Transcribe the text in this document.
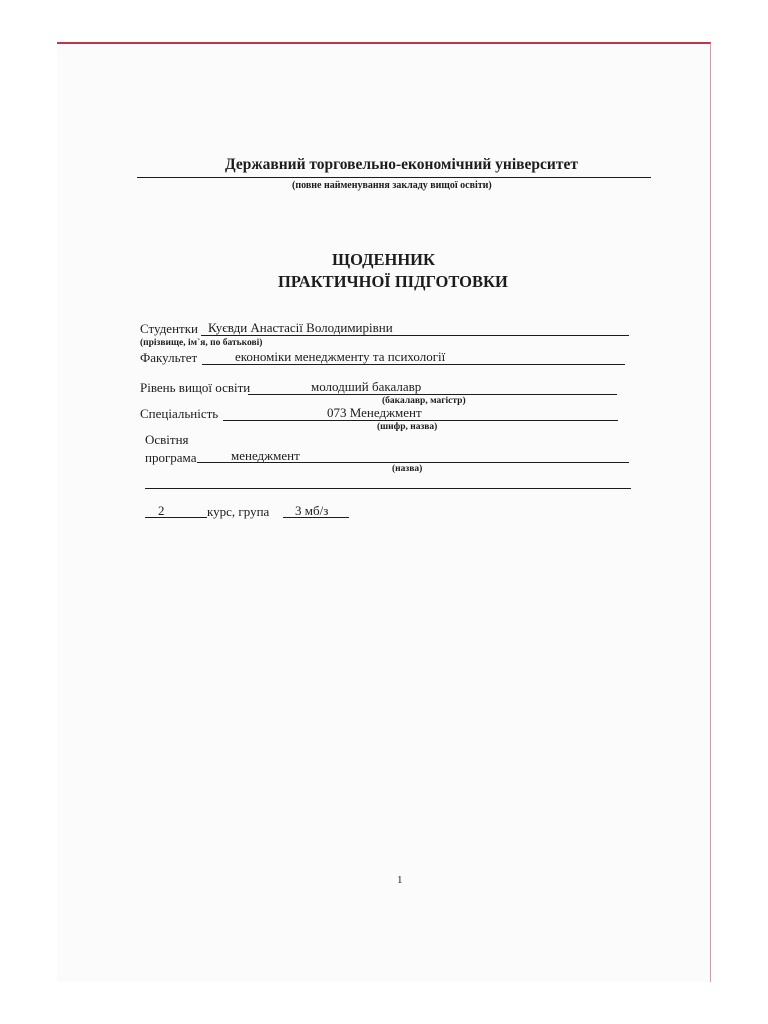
Державний торговельно-економічний університет
(повне найменування закладу вищої освіти)
ЩОДЕННИК
ПРАКТИЧНОЇ ПІДГОТОВКИ
Студентки Куєвди Анастасії Володимирівни
(прізвище, ім`я, по батькові)
Факультет	економіки менеджменту та психології
Рівень вищої освіти	молодший бакалавр
(бакалавр, магістр)
Спеціальність	073 Менеджмент
(шифр, назва)
Освітня
програма	менеджмент
(назва)
2	курс, група 3 мб/з
1
